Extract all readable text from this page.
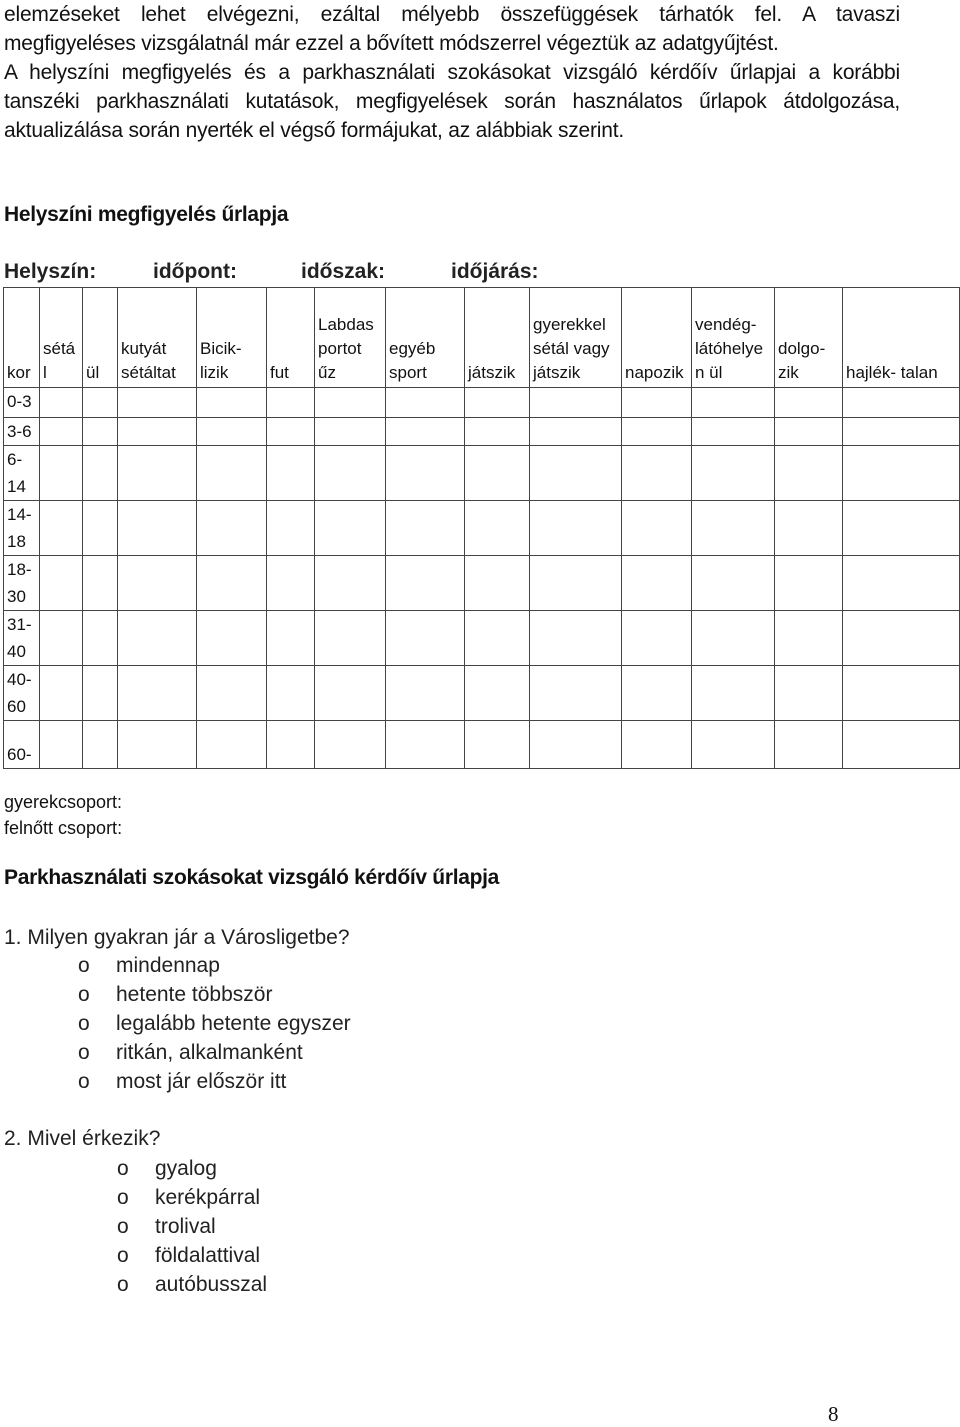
elemzéseket lehet elvégezni, ezáltal mélyebb összefüggések tárhatók fel. A tavaszi
megfigyeléses vizsgálatnál már ezzel a bővített módszerrel végeztük az adatgyűjtést.
A helyszíni megfigyelés és a parkhasználati szokásokat vizsgáló kérdőív űrlapjai a korábbi
tanszéki parkhasználati kutatások, megfigyelések során használatos űrlapok átdolgozása,
aktualizálása során nyerték el végső formájukat, az alábbiak szerint.
Helyszíni megfigyelés űrlapja
Helyszín:	időpont:	időszak:	időjárás:
kor	sétá l	ül	kutyát sétáltat	Bicik- lizik	fut	Labdas portot űz	egyéb sport	játszik	gyerekkel sétál vagy játszik	napozik	vendég- látóhelye n ül	dolgo- zik	hajlék- talan
0-3													
3-6													
6- 14													
14- 18													
18- 30													
31- 40													
40- 60													
60-													
gyerekcsoport:
felnőtt csoport:
Parkhasználati szokásokat vizsgáló kérdőív űrlapja
1. Milyen gyakran jár a Városligetbe?
o mindennap
o hetente többször
o legalább hetente egyszer
o ritkán, alkalmanként
o most jár először itt
2. Mivel érkezik?
o gyalog
o kerékpárral
o trolival
o földalattival
o autóbusszal
8
